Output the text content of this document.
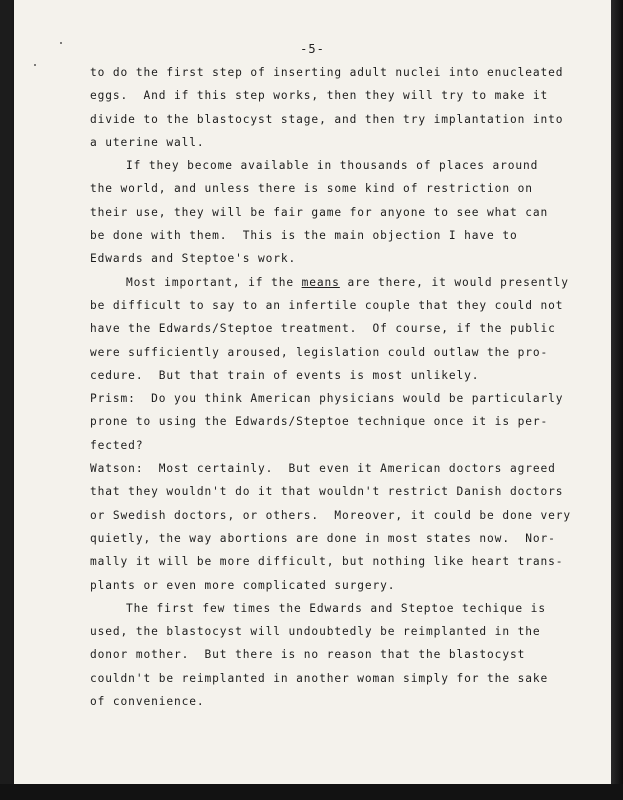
-5-
to do the first step of inserting adult nuclei into enucleated
eggs.  And if this step works, then they will try to make it
divide to the blastocyst stage, and then try implantation into
a uterine wall.
If they become available in thousands of places around
the world, and unless there is some kind of restriction on
their use, they will be fair game for anyone to see what can
be done with them.  This is the main objection I have to
Edwards and Steptoe's work.
Most important, if the means are there, it would presently
be difficult to say to an infertile couple that they could not
have the Edwards/Steptoe treatment.  Of course, if the public
were sufficiently aroused, legislation could outlaw the pro-
cedure.  But that train of events is most unlikely.
Prism:  Do you think American physicians would be particularly
prone to using the Edwards/Steptoe technique once it is per-
fected?
Watson:  Most certainly.  But even it American doctors agreed
that they wouldn't do it that wouldn't restrict Danish doctors
or Swedish doctors, or others.  Moreover, it could be done very
quietly, the way abortions are done in most states now.  Nor-
mally it will be more difficult, but nothing like heart trans-
plants or even more complicated surgery.
The first few times the Edwards and Steptoe techique is
used, the blastocyst will undoubtedly be reimplanted in the
donor mother.  But there is no reason that the blastocyst
couldn't be reimplanted in another woman simply for the sake
of convenience.
